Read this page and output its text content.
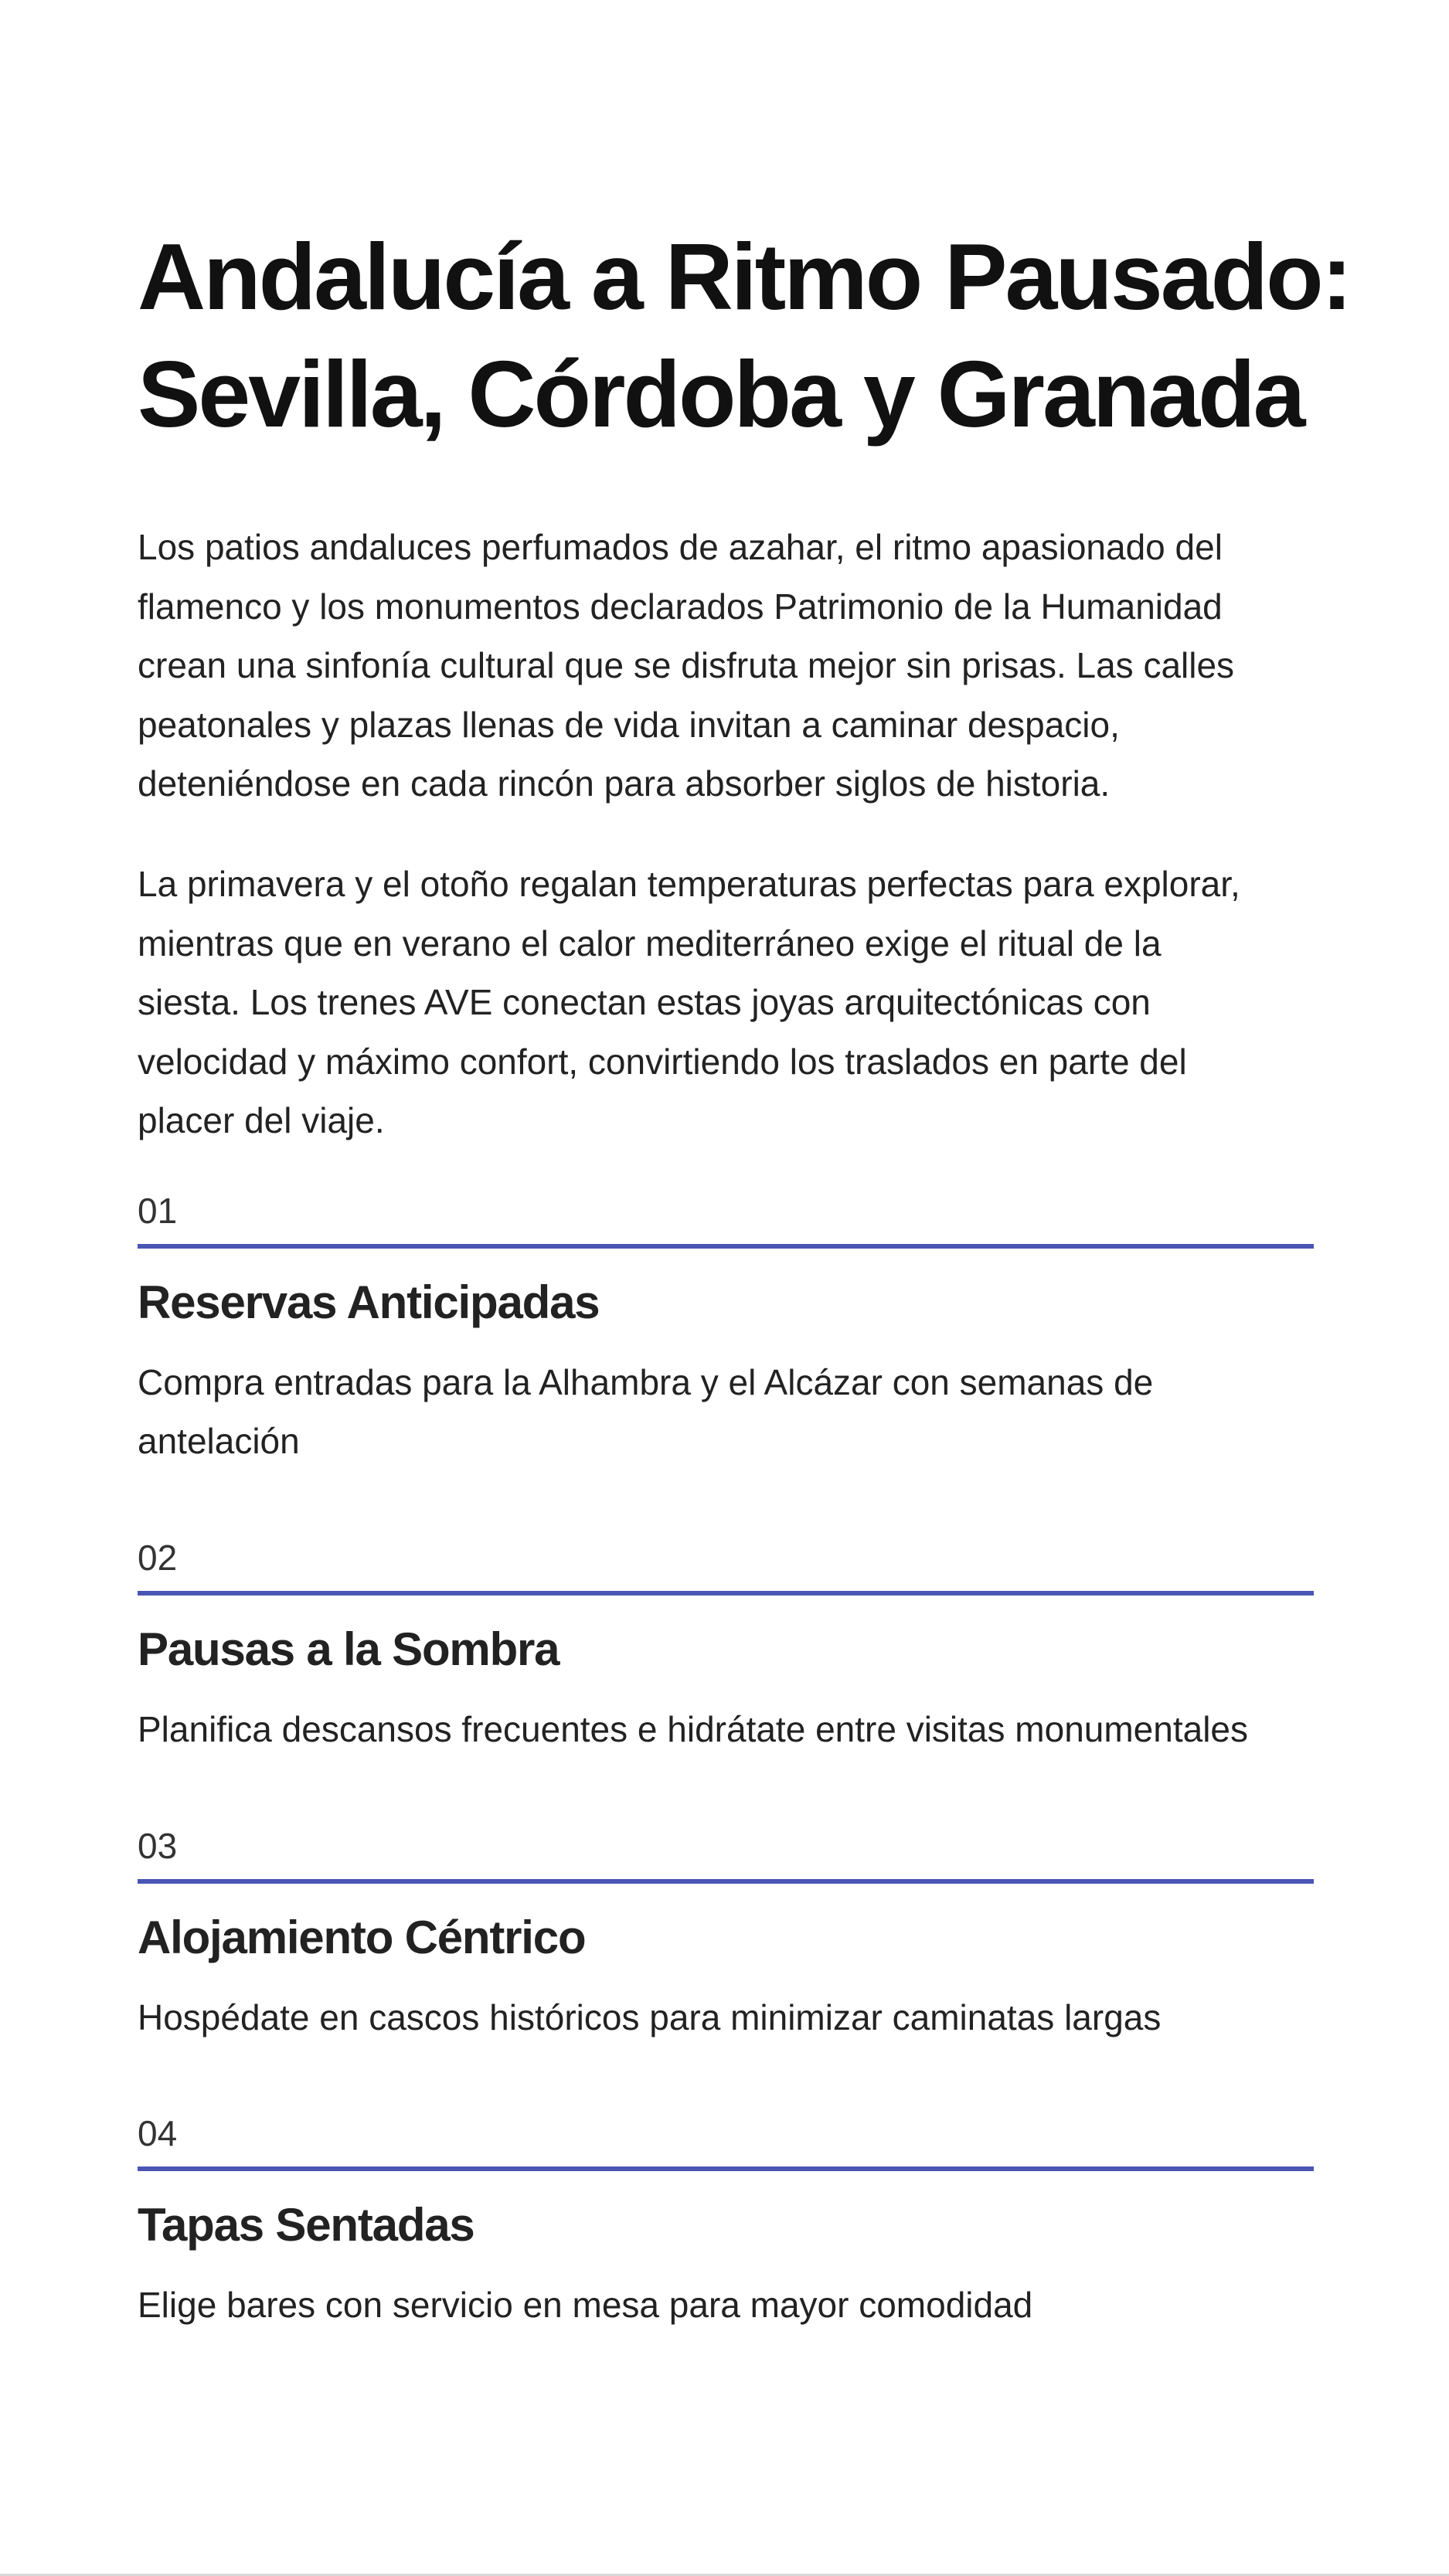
Andalucía a Ritmo Pausado:
Sevilla, Córdoba y Granada

Los patios andaluces perfumados de azahar, el ritmo apasionado del
flamenco y los monumentos declarados Patrimonio de la Humanidad
crean una sinfonía cultural que se disfruta mejor sin prisas. Las calles
peatonales y plazas llenas de vida invitan a caminar despacio,
deteniéndose en cada rincón para absorber siglos de historia.

La primavera y el otoño regalan temperaturas perfectas para explorar,
mientras que en verano el calor mediterráneo exige el ritual de la
siesta. Los trenes AVE conectan estas joyas arquitectónicas con
velocidad y máximo confort, convirtiendo los traslados en parte del
placer del viaje.

01
Reservas Anticipadas

Compra entradas para la Alhambra y el Alcázar con semanas de
antelación

02
Pausas a la Sombra

Planifica descansos frecuentes e hidrátate entre visitas monumentales

03
Alojamiento Céntrico

Hospédate en cascos históricos para minimizar caminatas largas

04
Tapas Sentadas

Elige bares con servicio en mesa para mayor comodidad
